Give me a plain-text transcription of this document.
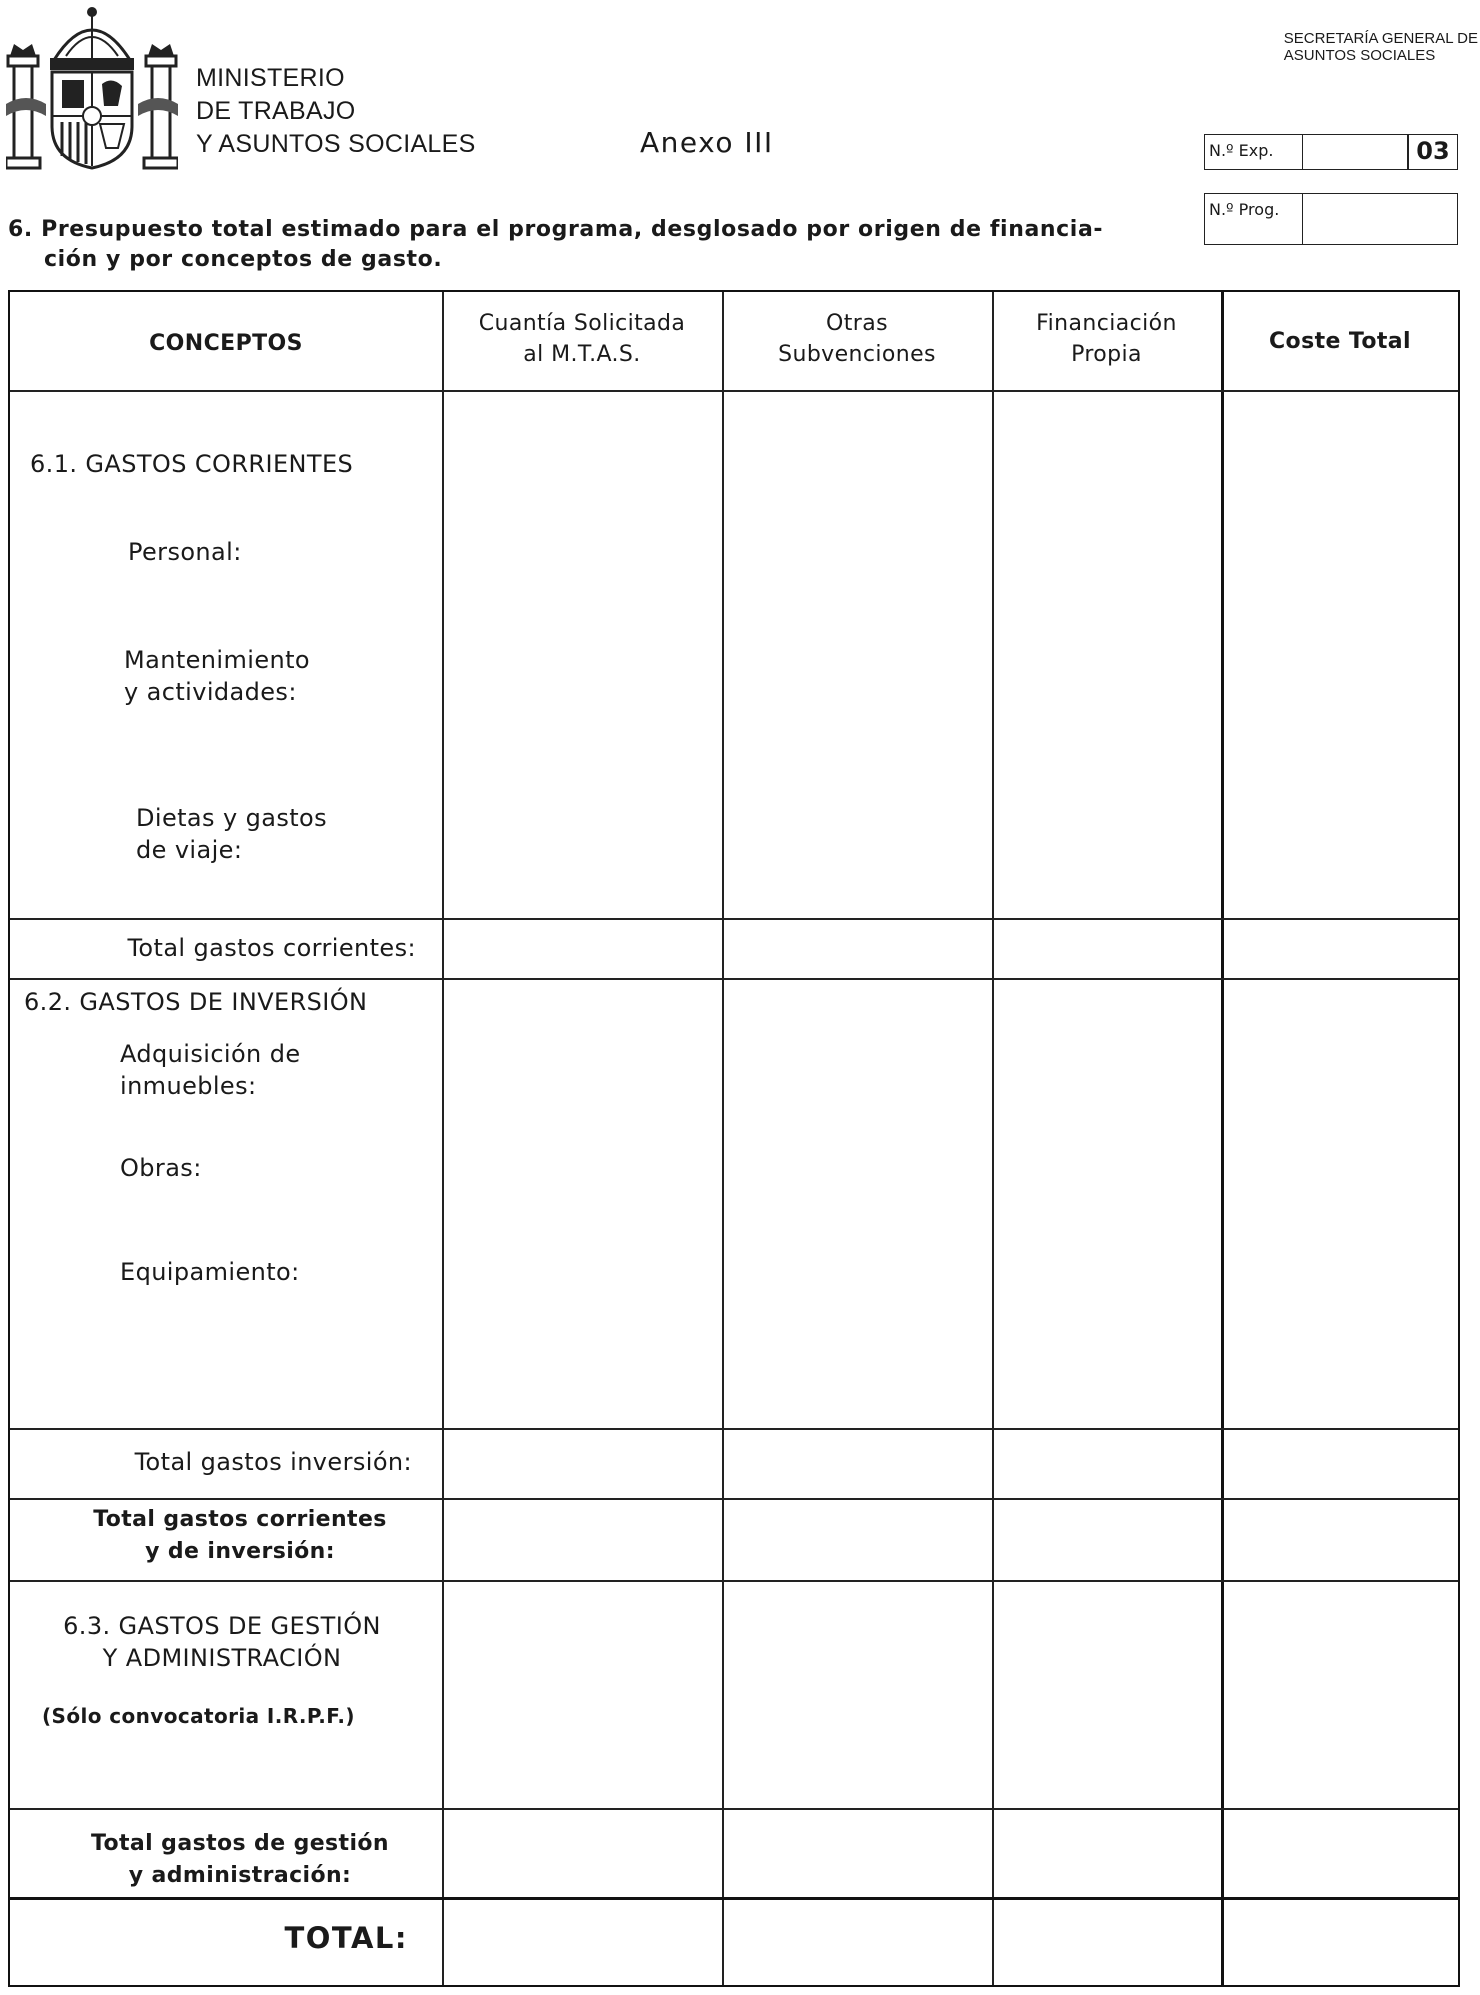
MINISTERIO
DE TRABAJO
Y ASUNTOS SOCIALES	Anexo III
SECRETARÍA GENERAL DE
ASUNTOS SOCIALES
N.º Exp.	03
N.º Prog.
6. Presupuesto total estimado para el programa, desglosado por origen de financia-
ción y por conceptos de gasto.
CONCEPTOS
Cuantía Solicitada
al M.T.A.S.
Otras
Subvenciones
Financiación
Propia
Coste Total
6.1. GASTOS CORRIENTES
Personal:
Mantenimiento
y actividades:
Dietas y gastos
de viaje:
Total gastos corrientes:
6.2. GASTOS DE INVERSIÓN
Adquisición de
inmuebles:
Obras:
Equipamiento:
Total gastos inversión:
Total gastos corrientes
y de inversión:
6.3. GASTOS DE GESTIÓN
Y ADMINISTRACIÓN
(Sólo convocatoria I.R.P.F.)
Total gastos de gestión
y administración:
TOTAL:
